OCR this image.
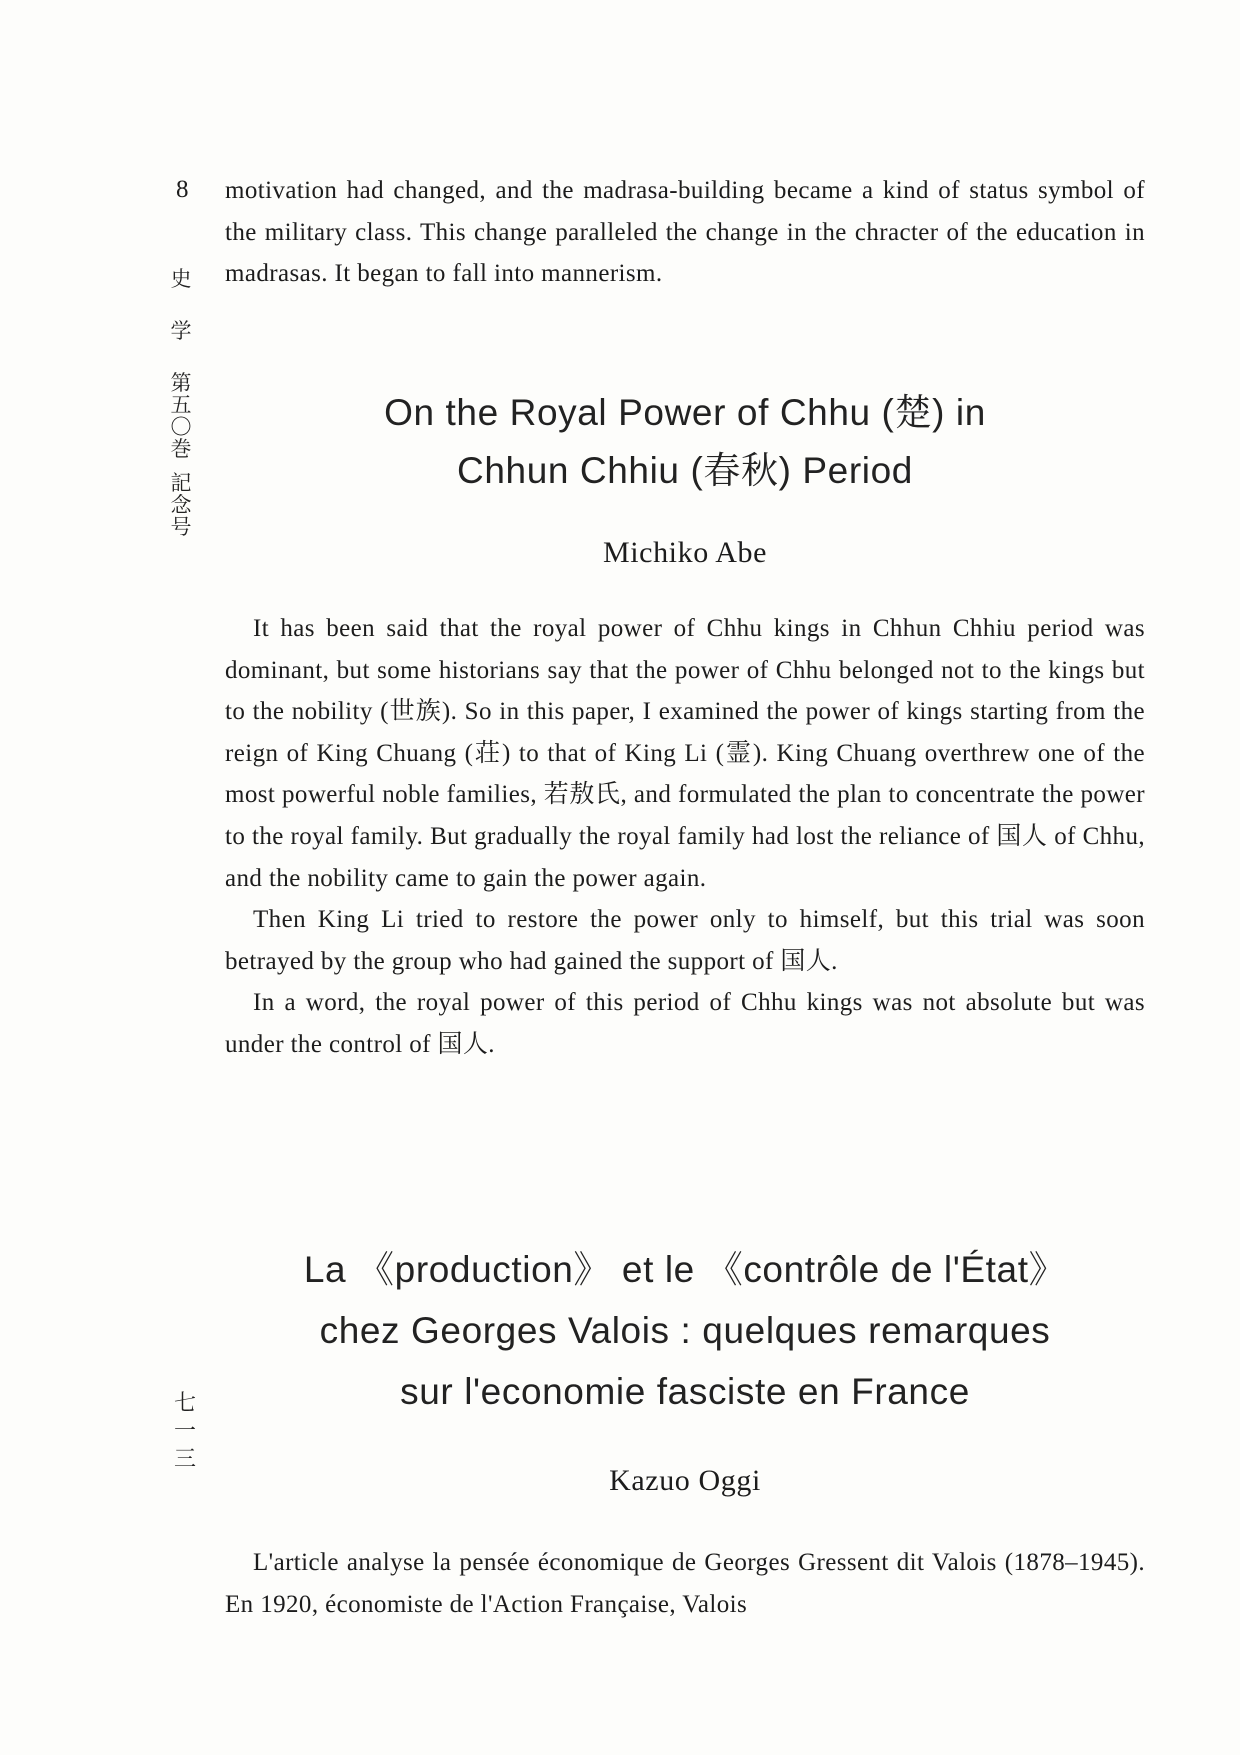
8
史
学
第
五
〇
巻
記
念
号
七
一
三

motivation had changed, and the madrasa-building became a kind of status symbol of the military class. This change paralleled the change in the chracter of the education in madrasas. It began to fall into mannerism.

On the Royal Power of Chhu (楚) in
Chhun Chhiu (春秋) Period
Michiko Abe

It has been said that the royal power of Chhu kings in Chhun Chhiu period was dominant, but some historians say that the power of Chhu belonged not to the kings but to the nobility (世族). So in this paper, I examined the power of kings starting from the reign of King Chuang (荘) to that of King Li (霊). King Chuang overthrew one of the most powerful noble families, 若敖氏, and formulated the plan to concentrate the power to the royal family. But gradually the royal family had lost the reliance of 国人 of Chhu, and the nobility came to gain the power again.

Then King Li tried to restore the power only to himself, but this trial was soon betrayed by the group who had gained the support of 国人.

In a word, the royal power of this period of Chhu kings was not absolute but was under the control of 国人.

La 《production》 et le 《contrôle de l'État》
chez Georges Valois : quelques remarques
sur l'economie fasciste en France
Kazuo Oggi

L'article analyse la pensée économique de Georges Gressent dit Valois (1878–1945). En 1920, économiste de l'Action Française, Valois
